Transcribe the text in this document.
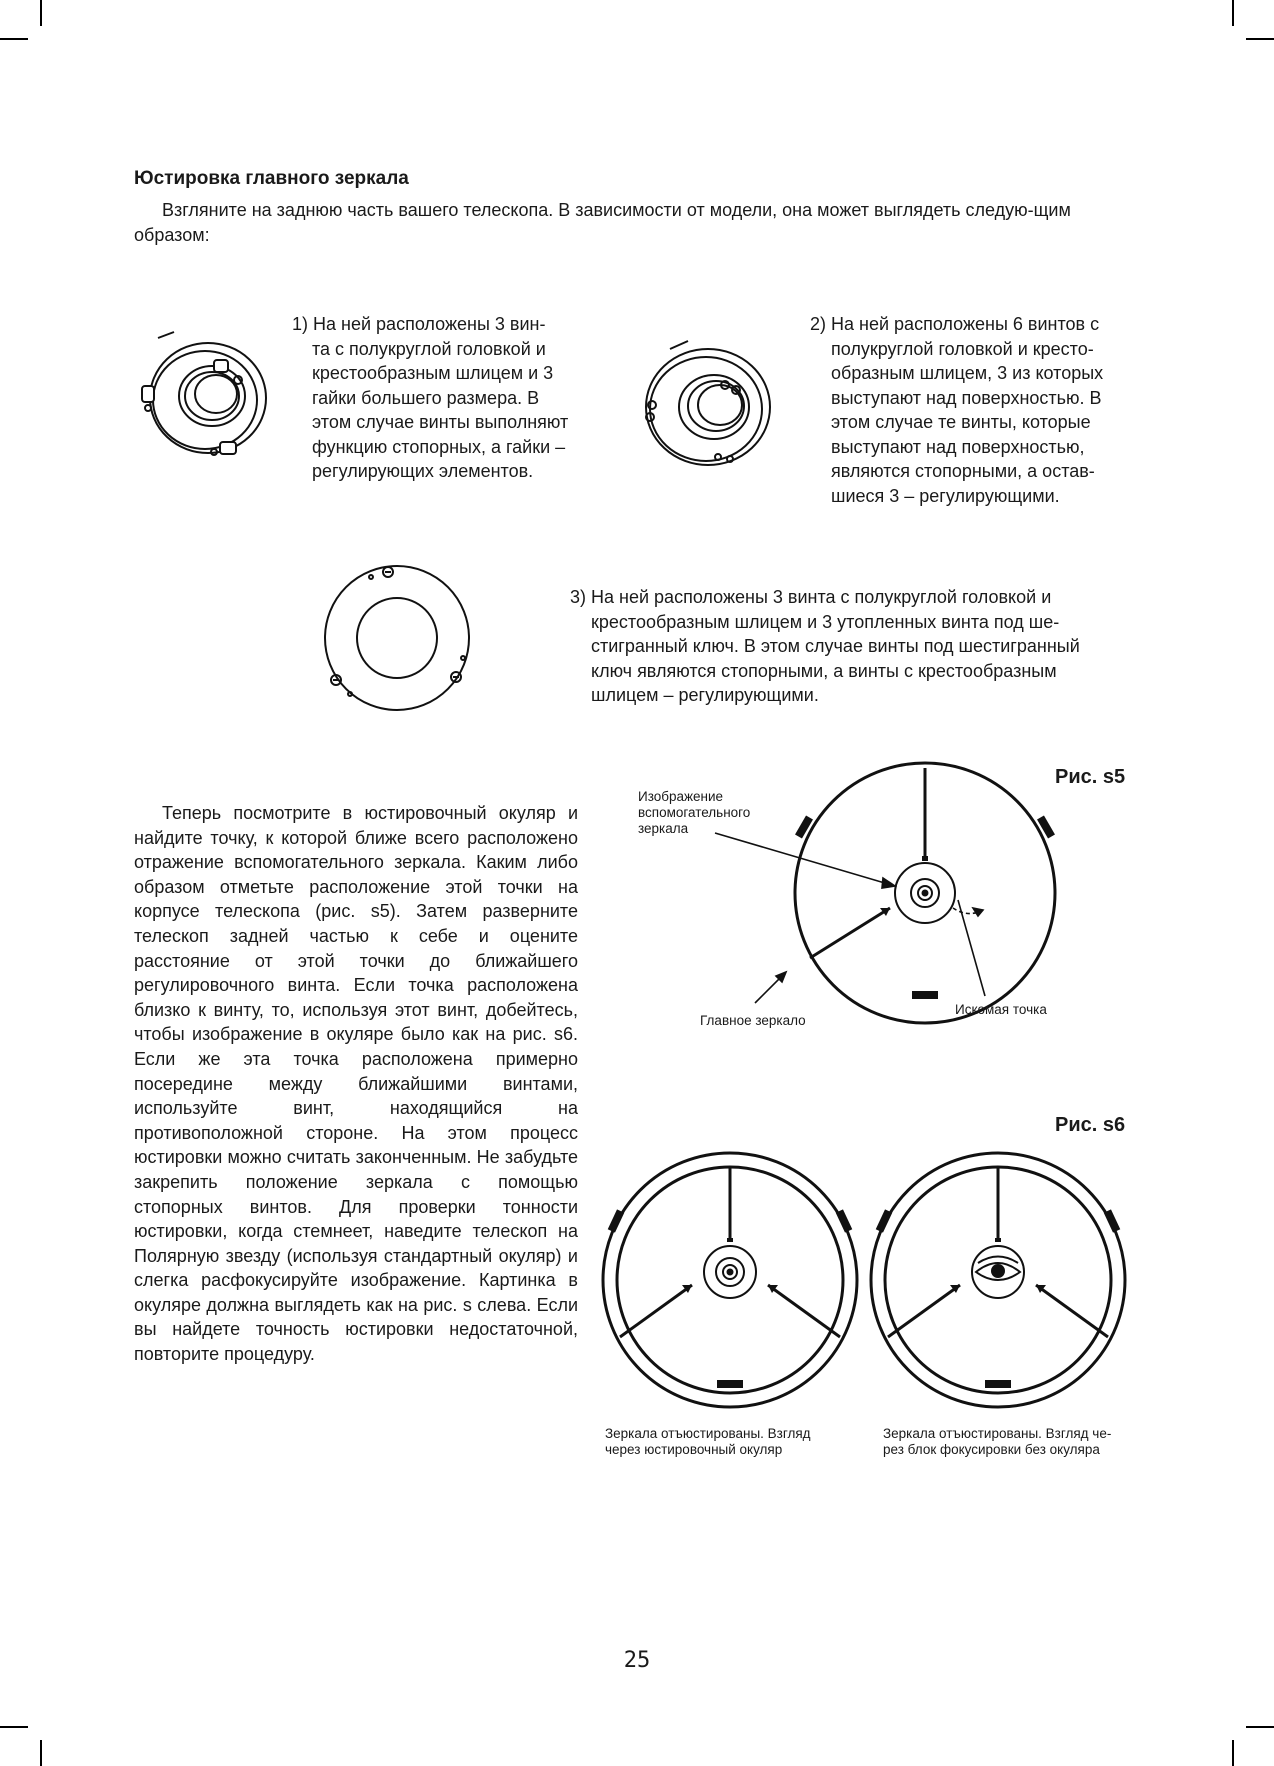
Юстировка главного зеркала

Взгляните на заднюю часть вашего телескопа. В зависимости от модели, она может выглядеть следую-щим образом:

1) На ней расположены 3 вин-
та с полукруглой головкой и
крестообразным шлицем и 3
гайки большего размера. В
этом случае винты выполняют
функцию стопорных, а гайки –
регулирующих элементов.
2) На ней расположены 6 винтов с
полукруглой головкой и кресто-
образным шлицем, 3 из которых
выступают над поверхностью. В
этом случае те винты, которые
выступают над поверхностью,
являются стопорными, а остав-
шиеся 3 – регулирующими.
3) На ней расположены 3 винта с полукруглой головкой и
крестообразным шлицем и 3 утопленных винта под ше-
стигранный ключ. В этом случае винты под шестигранный
ключ являются стопорными, а винты с крестообразным
шлицем – регулирующими.
Теперь посмотрите в юстировочный окуляр и найдите точку, к которой ближе всего расположено отражение вспомогательного зеркала. Каким либо образом отметьте расположение этой точки на корпусе телескопа (рис. s5). Затем разверните телескоп задней частью к себе и оцените расстояние от этой точки до ближайшего регулировочного винта. Если точка расположена близко к винту, то, используя этот винт, добейтесь, чтобы изображение в окуляре было как на рис. s6. Если же эта точка расположена примерно посередине между ближайшими винтами, используйте винт, находящийся на противоположной стороне. На этом процесс юстировки можно считать законченным. Не забудьте закрепить положение зеркала с помощью стопорных винтов. Для проверки тонности юстировки, когда стемнеет, наведите телескоп на Полярную звезду (используя стандартный окуляр) и слегка расфокусируйте изображение. Картинка в окуляре должна выглядеть как на рис. s слева. Если вы найдете точность юстировки недостаточной, повторите процедуру.
Рис. s5
Изображение
вспомогательного
зеркала
Главное зеркало
Искомая точка
Рис. s6
Зеркала отъюстированы. Взгляд
через юстировочный окуляр
Зеркала отъюстированы. Взгляд че-
рез блок фокусировки без окуляра
25
